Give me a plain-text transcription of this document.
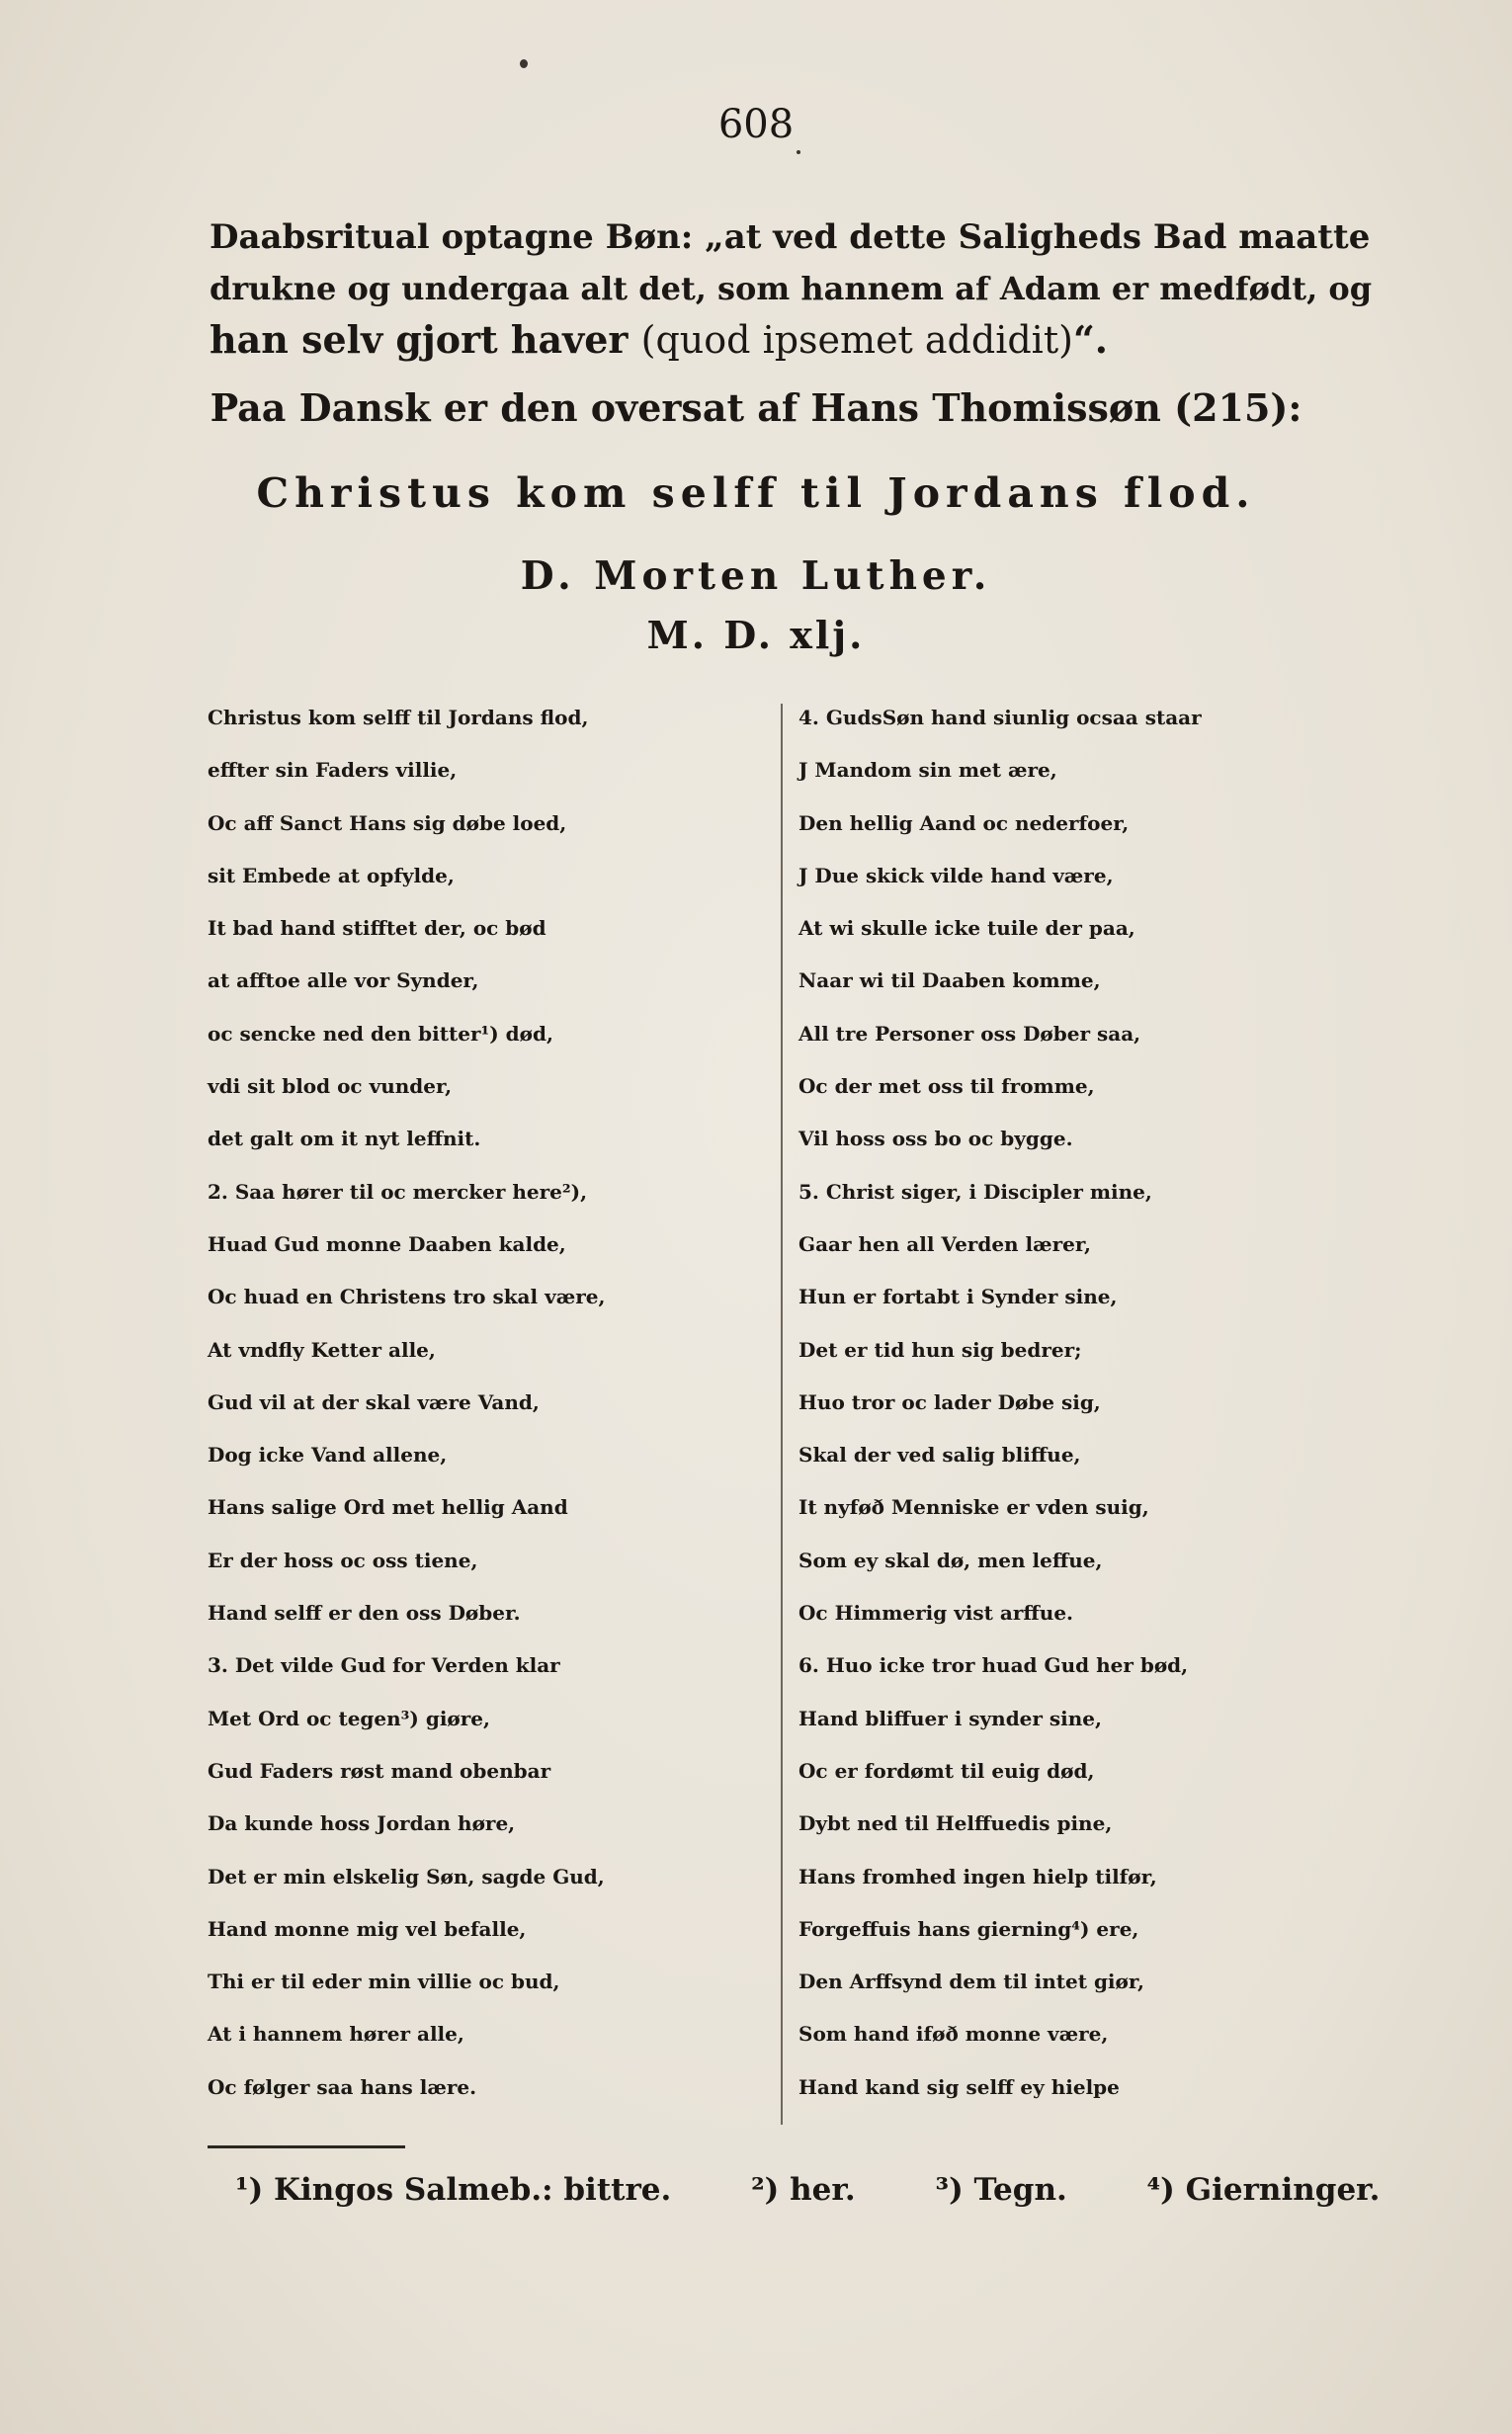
608
Daabsritual optagne Bøn: „at ved dette Saligheds Bad maatte
drukne og undergaa alt det, som hannem af Adam er medfødt, og
han selv gjort haver (quod ipsemet addidit)“.
Paa Dansk er den oversat af Hans Thomissøn (215):
Christus kom selff til Jordans flod.
D. Morten Luther.
M. D. xlj.
Christus kom selff til Jordans flod,
effter sin Faders villie,
Oc aff Sanct Hans sig døbe loed,
sit Embede at opfylde,
It bad hand stifftet der, oc bød
at afftoe alle vor Synder,
oc sencke ned den bitter¹) død,
vdi sit blod oc vunder,
det galt om it nyt leffnit.
2. Saa hører til oc mercker here²),
Huad Gud monne Daaben kalde,
Oc huad en Christens tro skal være,
At vndfly Ketter alle,
Gud vil at der skal være Vand,
Dog icke Vand allene,
Hans salige Ord met hellig Aand
Er der hoss oc oss tiene,
Hand selff er den oss Døber.
3. Det vilde Gud for Verden klar
Met Ord oc tegen³) giøre,
Gud Faders røst mand obenbar
Da kunde hoss Jordan høre,
Det er min elskelig Søn, sagde Gud,
Hand monne mig vel befalle,
Thi er til eder min villie oc bud,
At i hannem hører alle,
Oc følger saa hans lære.
4. GudsSøn hand siunlig ocsaa staar
J Mandom sin met ære,
Den hellig Aand oc nederfoer,
J Due skick vilde hand være,
At wi skulle icke tuile der paa,
Naar wi til Daaben komme,
All tre Personer oss Døber saa,
Oc der met oss til fromme,
Vil hoss oss bo oc bygge.
5. Christ siger, i Discipler mine,
Gaar hen all Verden lærer,
Hun er fortabt i Synder sine,
Det er tid hun sig bedrer;
Huo tror oc lader Døbe sig,
Skal der ved salig bliffue,
It nyføð Menniske er vden suig,
Som ey skal dø, men leffue,
Oc Himmerig vist arffue.
6. Huo icke tror huad Gud her bød,
Hand bliffuer i synder sine,
Oc er fordømt til euig død,
Dybt ned til Helffuedis pine,
Hans fromhed ingen hielp tilfør,
Forgeffuis hans gierning⁴) ere,
Den Arffsynd dem til intet giør,
Som hand iføð monne være,
Hand kand sig selff ey hielpe
¹) Kingos Salmeb.: bittre.	²) her.	³) Tegn.	⁴) Gierninger.
